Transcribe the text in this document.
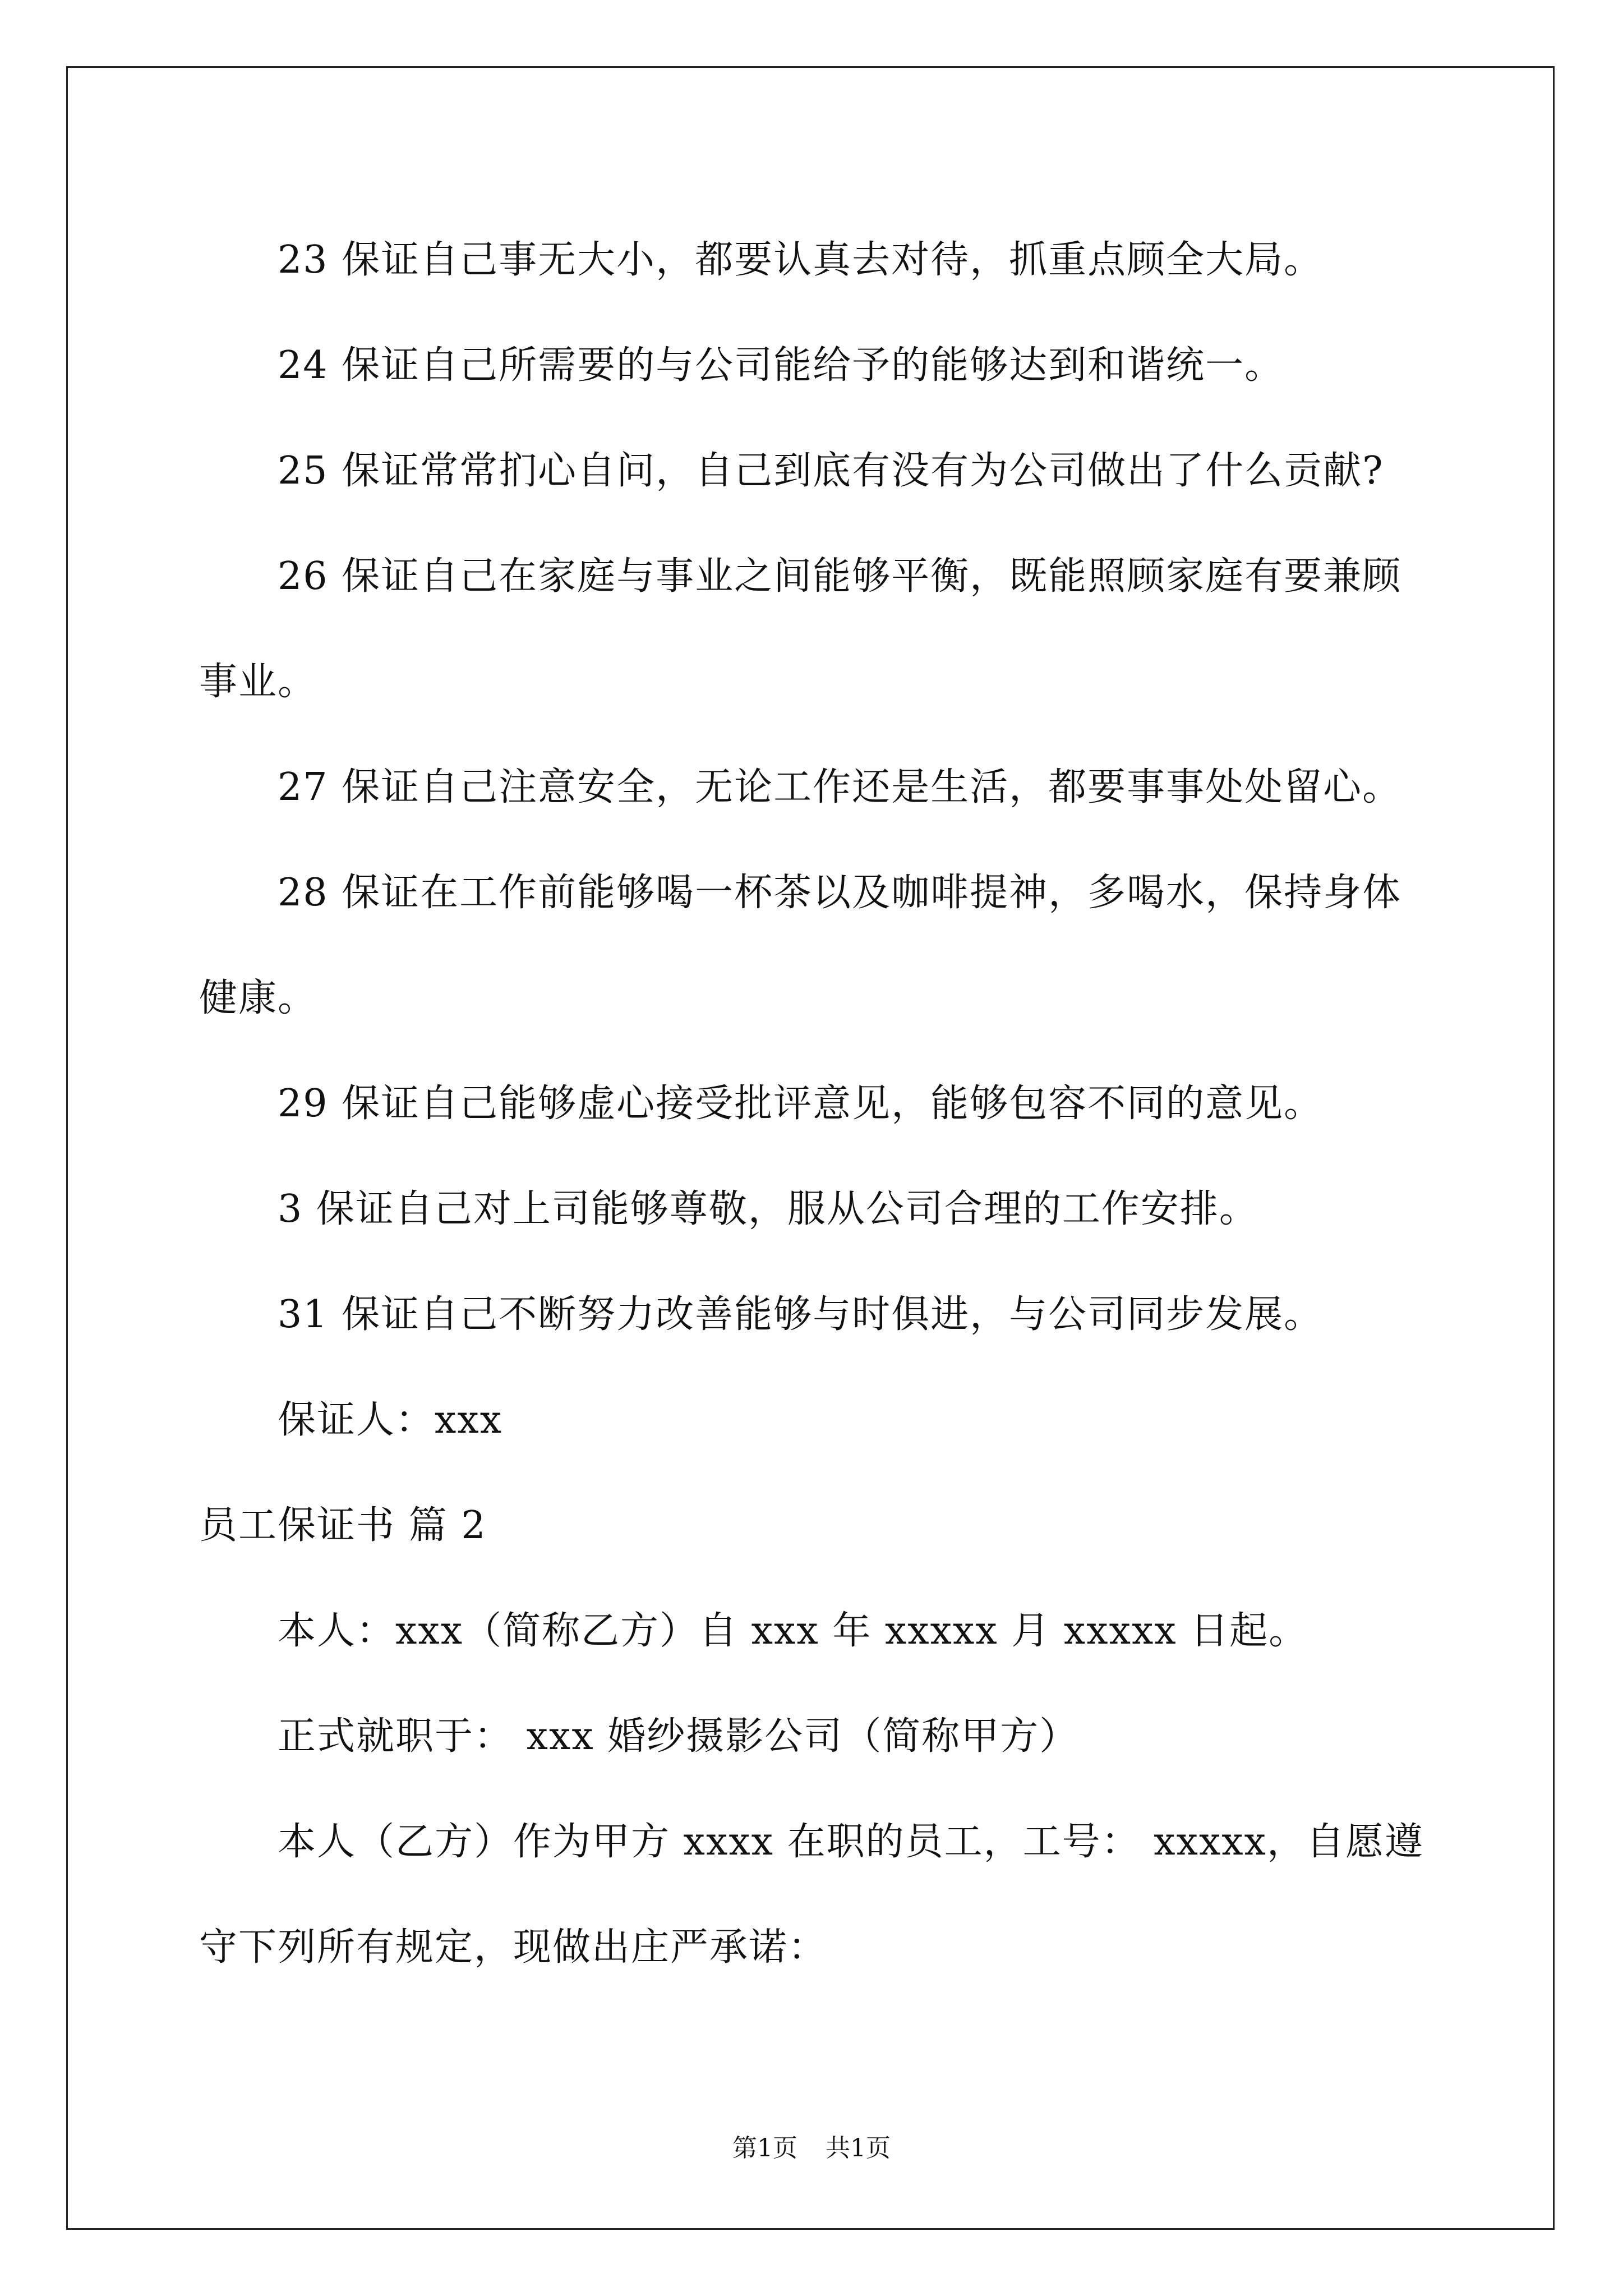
23 保证自己事无大小，都要认真去对待，抓重点顾全大局。

24 保证自己所需要的与公司能给予的能够达到和谐统一。

25 保证常常扪心自问，自己到底有没有为公司做出了什么贡献?

26 保证自己在家庭与事业之间能够平衡，既能照顾家庭有要兼顾事业。

27 保证自己注意安全，无论工作还是生活，都要事事处处留心。

28 保证在工作前能够喝一杯茶以及咖啡提神，多喝水，保持身体健康。

29 保证自己能够虚心接受批评意见，能够包容不同的意见。

3 保证自己对上司能够尊敬，服从公司合理的工作安排。

31 保证自己不断努力改善能够与时俱进，与公司同步发展。

保证人：xxx

员工保证书 篇 2

本人：xxx（简称乙方）自 xxx 年 xxxxx 月 xxxxx 日起。

正式就职于： xxx 婚纱摄影公司（简称甲方）

本人（乙方）作为甲方 xxxx 在职的员工，工号： xxxxx，自愿遵守下列所有规定，现做出庄严承诺：

第1页 共1页
